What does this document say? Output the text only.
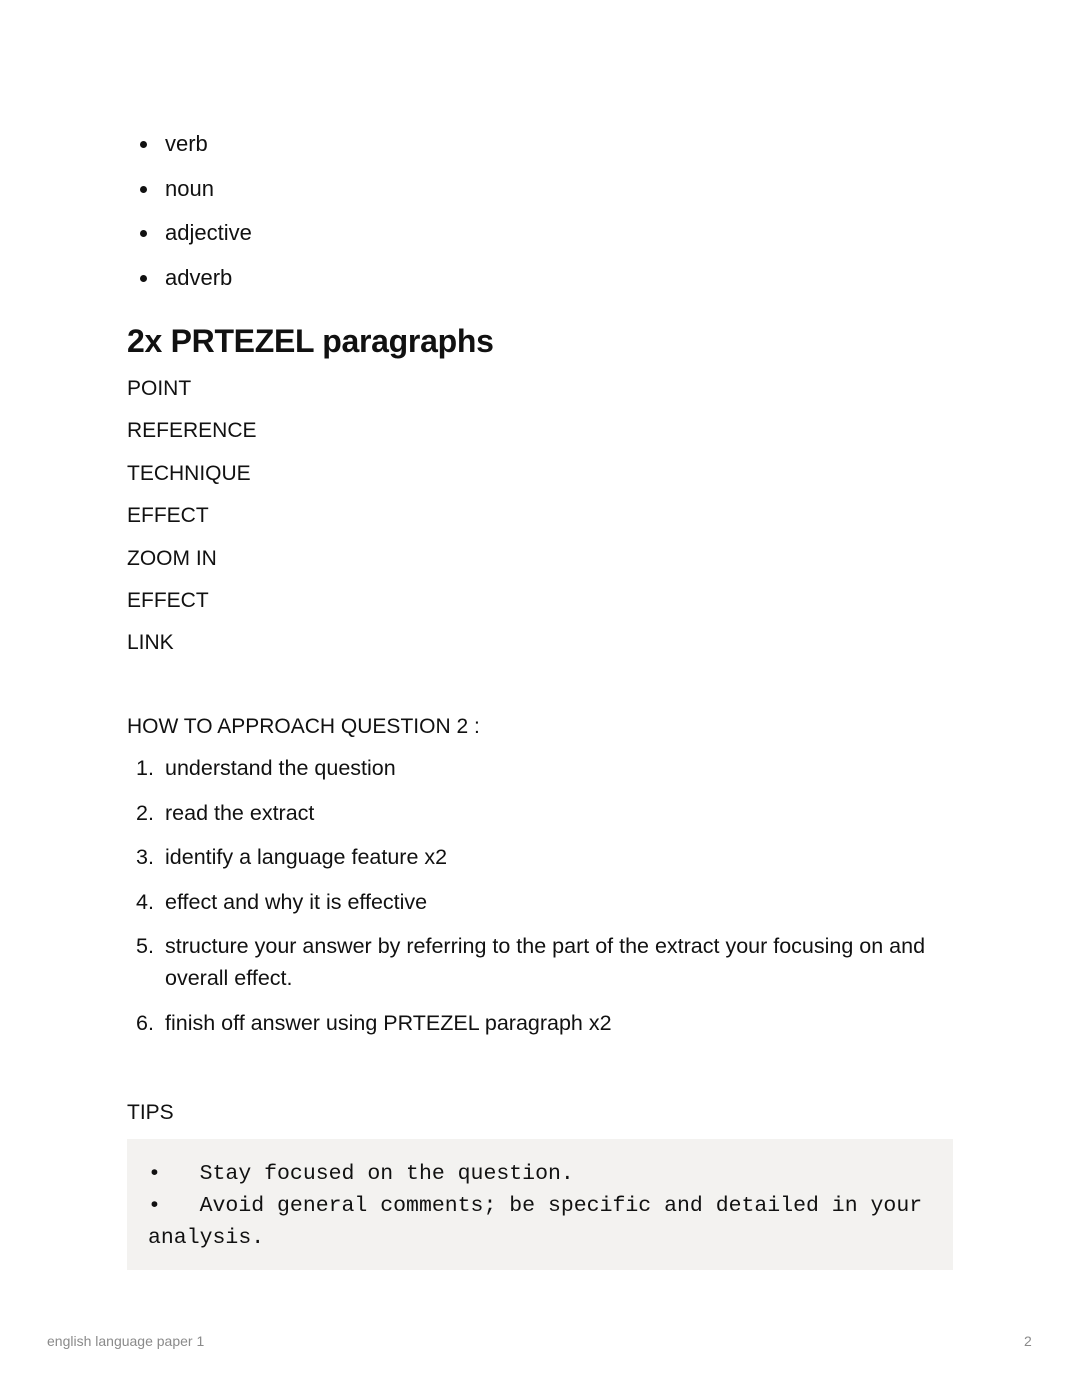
verb
noun
adjective
adverb
2x PRTEZEL paragraphs
POINT
REFERENCE
TECHNIQUE
EFFECT
ZOOM IN
EFFECT
LINK

HOW TO APPROACH QUESTION 2 :

1. understand the question
2. read the extract
3. identify a language feature x2
4. effect and why it is effective
5. structure your answer by referring to the part of the extract your focusing on and overall effect.
6. finish off answer using PRTEZEL paragraph x2

TIPS

•   Stay focused on the question.
•   Avoid general comments; be specific and detailed in your analysis.
english language paper 1	2
